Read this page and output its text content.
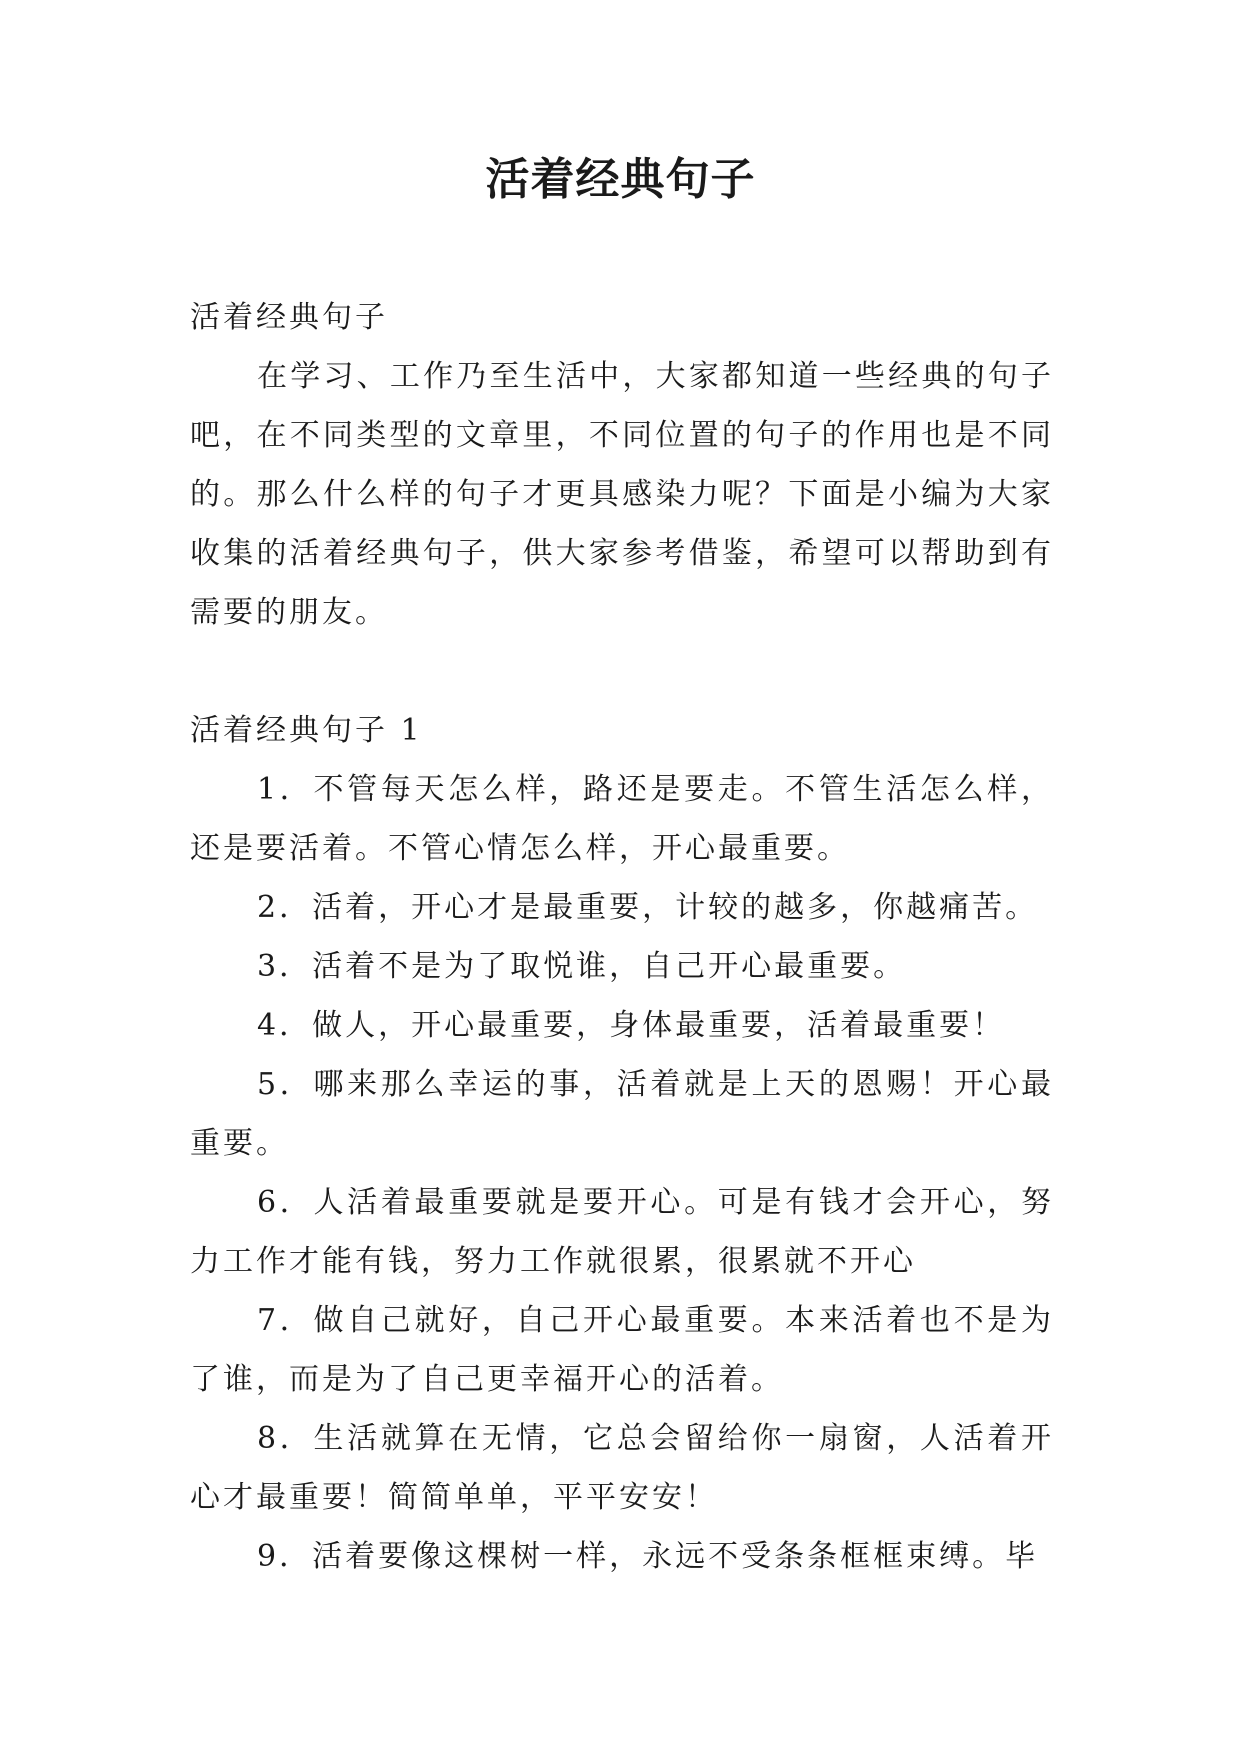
活着经典句子

活着经典句子

在学习、工作乃至生活中，大家都知道一些经典的句子吧，在不同类型的文章里，不同位置的句子的作用也是不同的。那么什么样的句子才更具感染力呢？下面是小编为大家收集的活着经典句子，供大家参考借鉴，希望可以帮助到有需要的朋友。

活着经典句子 1

1．不管每天怎么样，路还是要走。不管生活怎么样，还是要活着。不管心情怎么样，开心最重要。

2．活着，开心才是最重要，计较的越多，你越痛苦。

3．活着不是为了取悦谁，自己开心最重要。

4．做人，开心最重要，身体最重要，活着最重要！

5．哪来那么幸运的事，活着就是上天的恩赐！开心最重要。

6．人活着最重要就是要开心。可是有钱才会开心，努力工作才能有钱，努力工作就很累，很累就不开心

7．做自己就好，自己开心最重要。本来活着也不是为了谁，而是为了自己更幸福开心的活着。

8．生活就算在无情，它总会留给你一扇窗，人活着开心才最重要！简简单单，平平安安！

9．活着要像这棵树一样，永远不受条条框框束缚。毕
